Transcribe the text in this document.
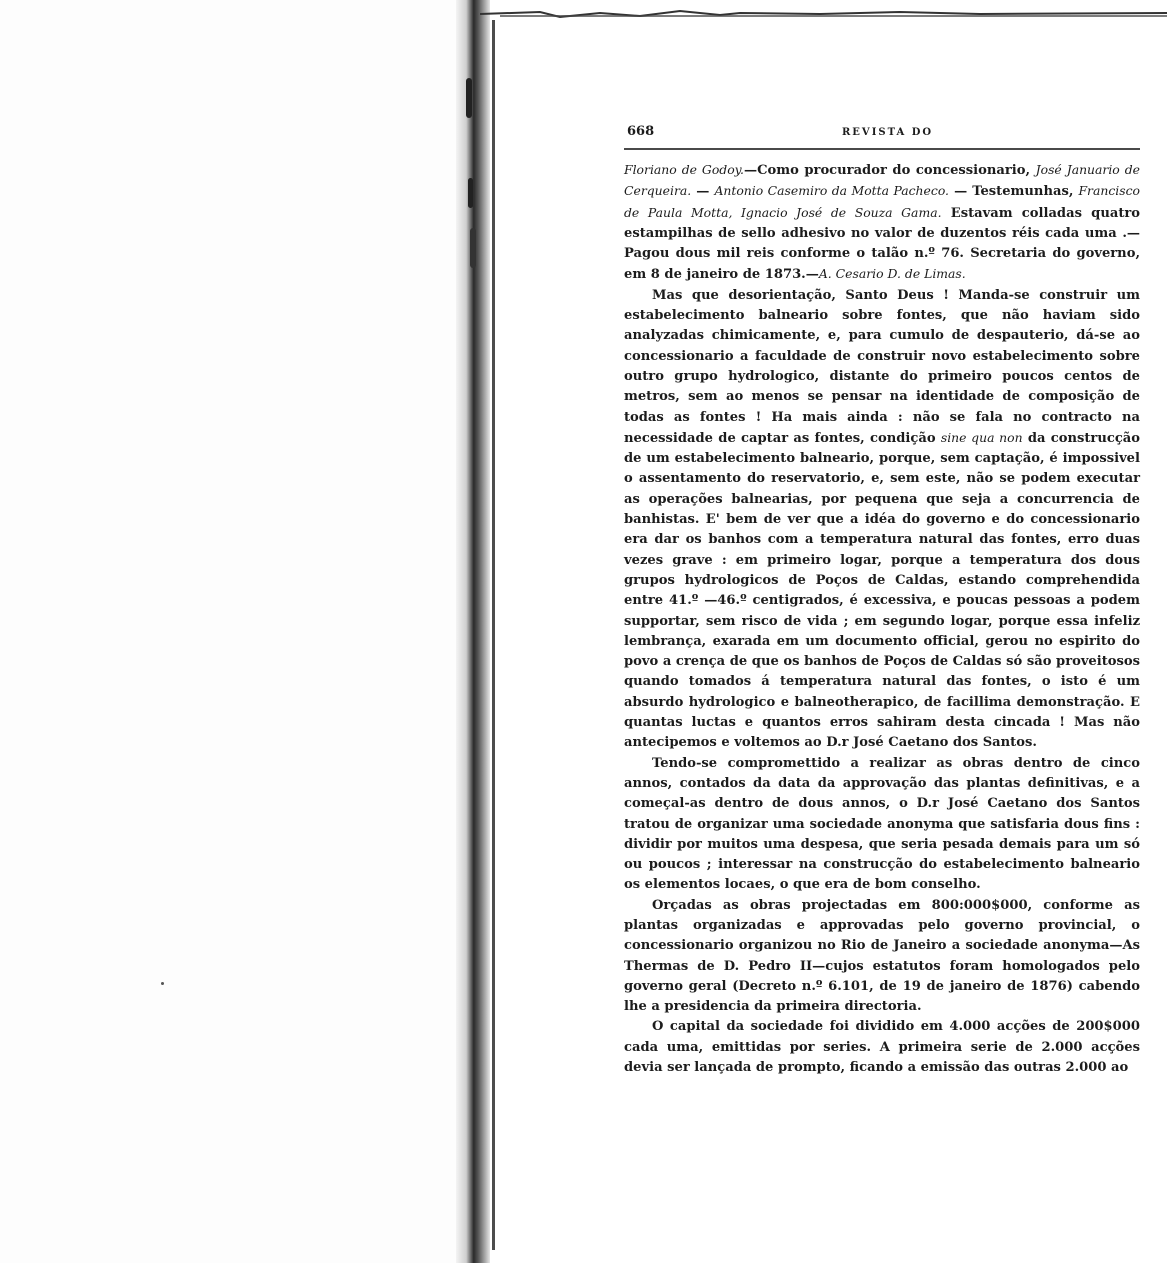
668	REVISTA DO

Floriano de Godoy.—Como procurador do concessionario, José Januario de Cerqueira. — Antonio Casemiro da Motta Pacheco. — Testemunhas, Francisco de Paula Motta, Ignacio José de Souza Gama. Estavam colladas quatro estampilhas de sello adhesivo no valor de duzentos réis cada uma .—Pagou dous mil reis conforme o talão n.º 76. Secretaria do governo, em 8 de janeiro de 1873.—A. Cesario D. de Limas.

Mas que desorientação, Santo Deus ! Manda-se construir um estabelecimento balneario sobre fontes, que não haviam sido analyzadas chimicamente, e, para cumulo de despauterio, dá-se ao concessionario a faculdade de construir novo estabelecimento sobre outro grupo hydrologico, distante do primeiro poucos centos de metros, sem ao menos se pensar na identidade de composição de todas as fontes ! Ha mais ainda : não se fala no contracto na necessidade de captar as fontes, condição sine qua non da construcção de um estabelecimento balneario, porque, sem captação, é impossivel o assentamento do reservatorio, e, sem este, não se podem executar as operações balnearias, por pequena que seja a concurrencia de banhistas. E' bem de ver que a idéa do governo e do concessionario era dar os banhos com a temperatura natural das fontes, erro duas vezes grave : em primeiro logar, porque a temperatura dos dous grupos hydrologicos de Poços de Caldas, estando comprehendida entre 41.º —46.º centigrados, é excessiva, e poucas pessoas a podem supportar, sem risco de vida ; em segundo logar, porque essa infeliz lembrança, exarada em um documento official, gerou no espirito do povo a crença de que os banhos de Poços de Caldas só são proveitosos quando tomados á temperatura natural das fontes, o isto é um absurdo hydrologico e balneotherapico, de facillima demonstração. E quantas luctas e quantos erros sahiram desta cincada ! Mas não antecipemos e voltemos ao D.r José Caetano dos Santos.

Tendo-se compromettido a realizar as obras dentro de cinco annos, contados da data da approvação das plantas definitivas, e a começal-as dentro de dous annos, o D.r José Caetano dos Santos tratou de organizar uma sociedade anonyma que satisfaria dous fins : dividir por muitos uma despesa, que seria pesada demais para um só ou poucos ; interessar na construcção do estabelecimento balneario os elementos locaes, o que era de bom conselho.

Orçadas as obras projectadas em 800:000$000, conforme as plantas organizadas e approvadas pelo governo provincial, o concessionario organizou no Rio de Janeiro a sociedade anonyma—As Thermas de D. Pedro II—cujos estatutos foram homologados pelo governo geral (Decreto n.º 6.101, de 19 de janeiro de 1876) cabendo lhe a presidencia da primeira directoria.

O capital da sociedade foi dividido em 4.000 acções de 200$000 cada uma, emittidas por series. A primeira serie de 2.000 acções devia ser lançada de prompto, ficando a emissão das outras 2.000 ao
